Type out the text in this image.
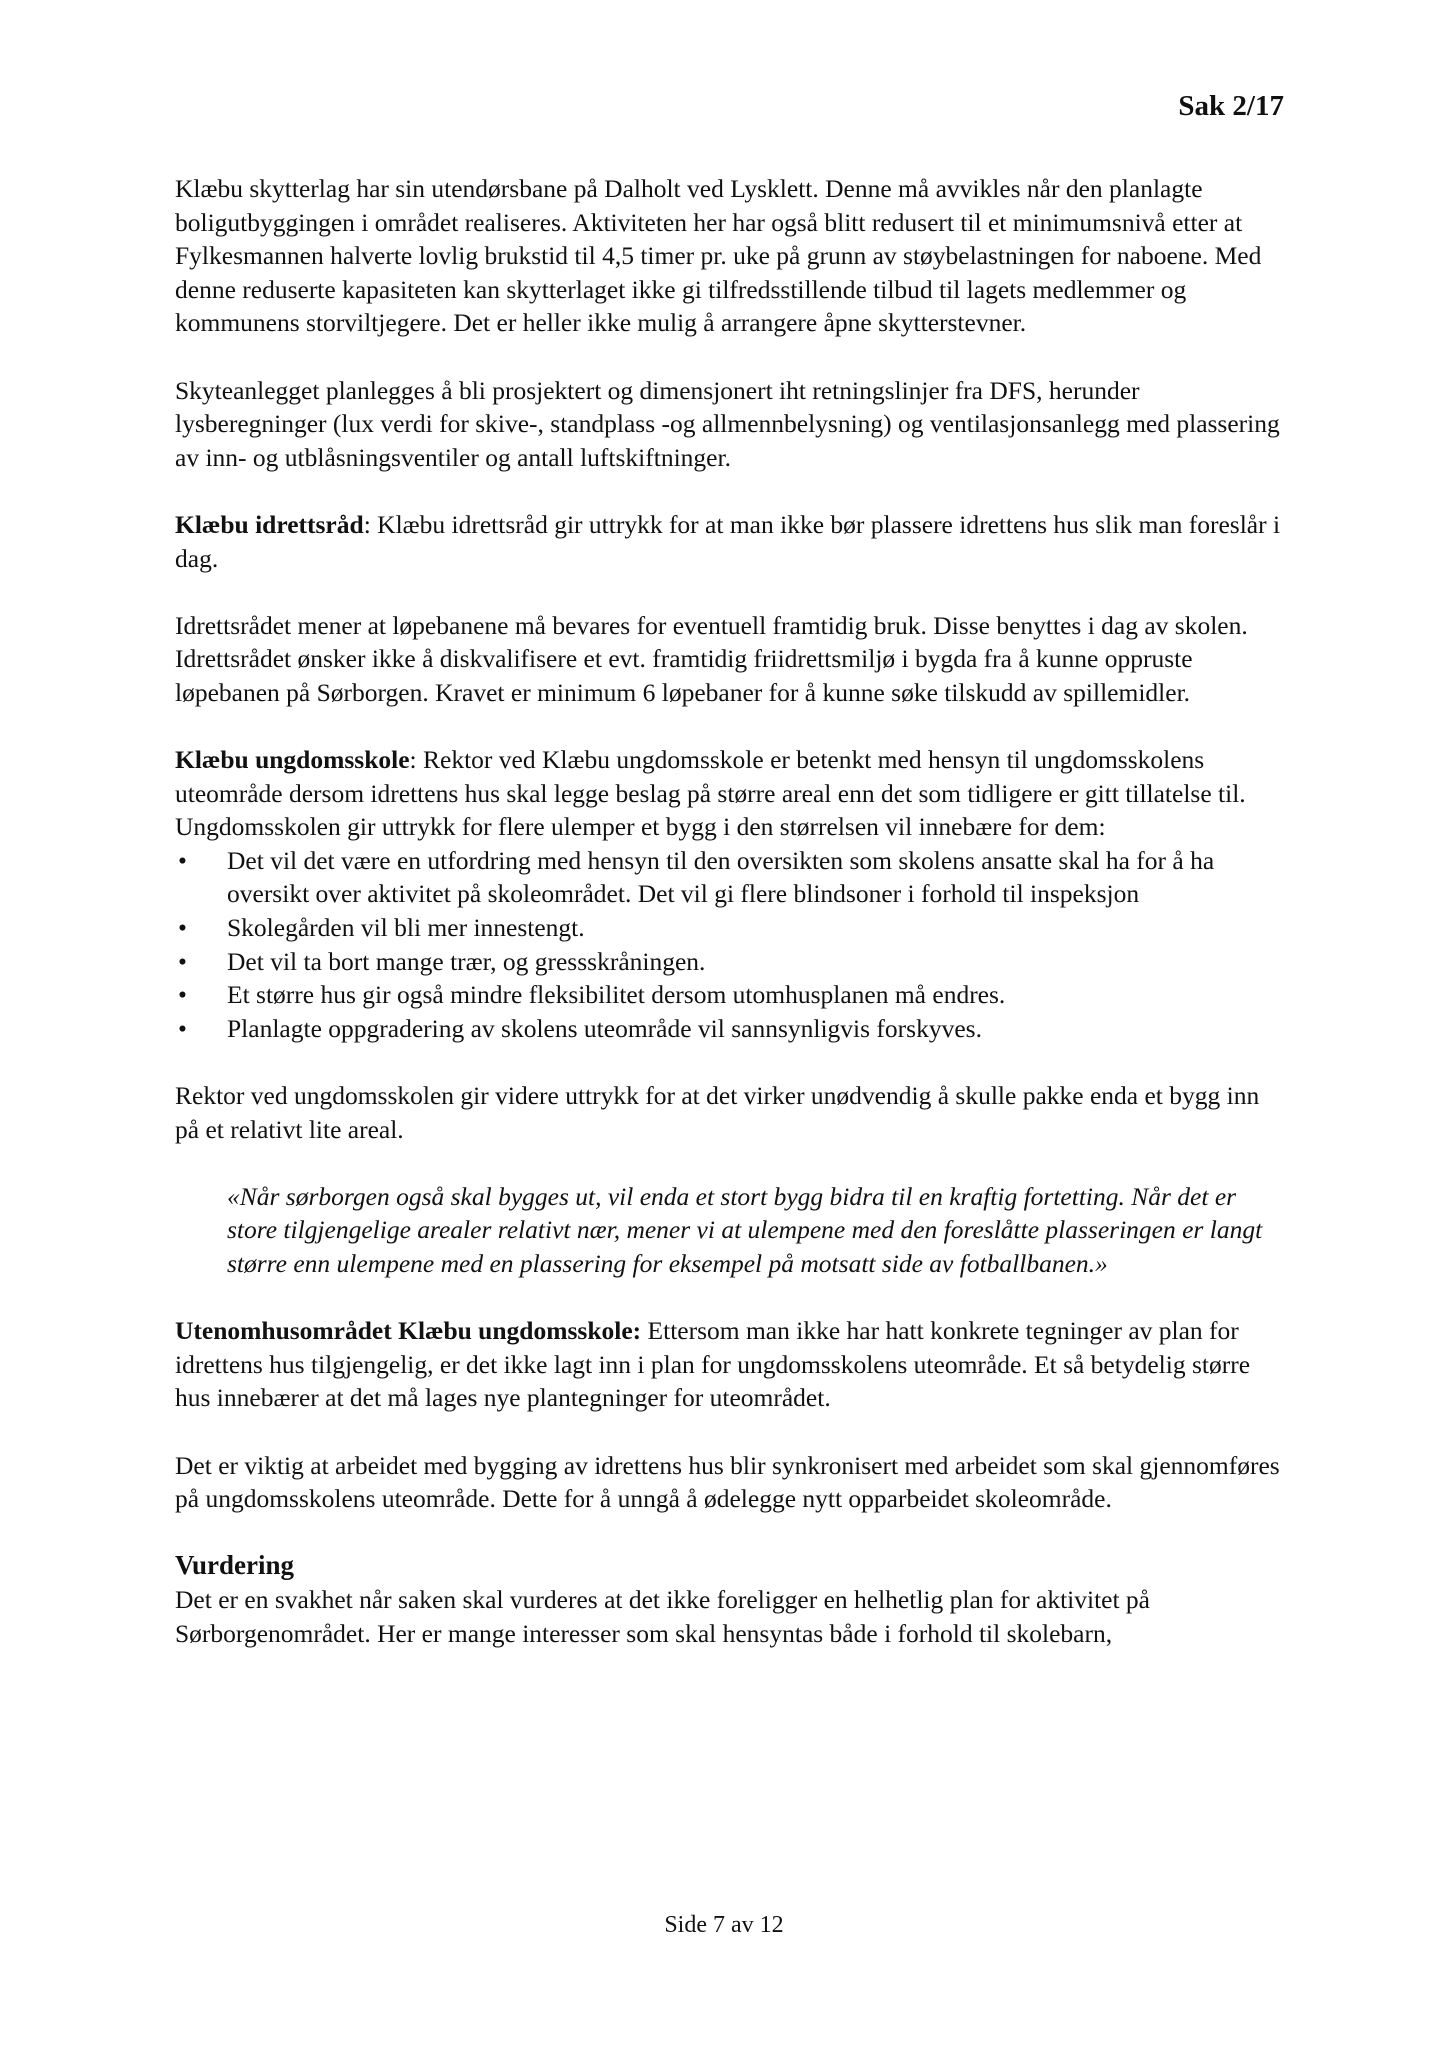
Sak 2/17

Klæbu skytterlag har sin utendørsbane på Dalholt ved Lysklett. Denne må avvikles når den planlagte boligutbyggingen i området realiseres. Aktiviteten her har også blitt redusert til et minimumsnivå etter at Fylkesmannen halverte lovlig brukstid til 4,5 timer pr. uke på grunn av støybelastningen for naboene. Med denne reduserte kapasiteten kan skytterlaget ikke gi tilfredsstillende tilbud til lagets medlemmer og kommunens storviltjegere. Det er heller ikke mulig å arrangere åpne skytterstevner.

Skyteanlegget planlegges å bli prosjektert og dimensjonert iht retningslinjer fra DFS, herunder lysberegninger (lux verdi for skive-, standplass -og allmennbelysning) og ventilasjonsanlegg med plassering av inn- og utblåsningsventiler og antall luftskiftninger.

Klæbu idrettsråd: Klæbu idrettsråd gir uttrykk for at man ikke bør plassere idrettens hus slik man foreslår i dag.

Idrettsrådet mener at løpebanene må bevares for eventuell framtidig bruk. Disse benyttes i dag av skolen. Idrettsrådet ønsker ikke å diskvalifisere et evt. framtidig friidrettsmiljø i bygda fra å kunne oppruste løpebanen på Sørborgen. Kravet er minimum 6 løpebaner for å kunne søke tilskudd av spillemidler.

Klæbu ungdomsskole: Rektor ved Klæbu ungdomsskole er betenkt med hensyn til ungdomsskolens uteområde dersom idrettens hus skal legge beslag på større areal enn det som tidligere er gitt tillatelse til. Ungdomsskolen gir uttrykk for flere ulemper et bygg i den størrelsen vil innebære for dem:

• Det vil det være en utfordring med hensyn til den oversikten som skolens ansatte skal ha for å ha oversikt over aktivitet på skoleområdet. Det vil gi flere blindsoner i forhold til inspeksjon
• Skolegården vil bli mer innestengt.
• Det vil ta bort mange trær, og gressskråningen.
• Et større hus gir også mindre fleksibilitet dersom utomhusplanen må endres.
• Planlagte oppgradering av skolens uteområde vil sannsynligvis forskyves.

Rektor ved ungdomsskolen gir videre uttrykk for at det virker unødvendig å skulle pakke enda et bygg inn på et relativt lite areal.

«Når sørborgen også skal bygges ut, vil enda et stort bygg bidra til en kraftig fortetting. Når det er store tilgjengelige arealer relativt nær, mener vi at ulempene med den foreslåtte plasseringen er langt større enn ulempene med en plassering for eksempel på motsatt side av fotballbanen.»

Utenomhusområdet Klæbu ungdomsskole: Ettersom man ikke har hatt konkrete tegninger av plan for idrettens hus tilgjengelig, er det ikke lagt inn i plan for ungdomsskolens uteområde. Et så betydelig større hus innebærer at det må lages nye plantegninger for uteområdet.

Det er viktig at arbeidet med bygging av idrettens hus blir synkronisert med arbeidet som skal gjennomføres på ungdomsskolens uteområde. Dette for å unngå å ødelegge nytt opparbeidet skoleområde.

Vurdering

Det er en svakhet når saken skal vurderes at det ikke foreligger en helhetlig plan for aktivitet på Sørborgenområdet. Her er mange interesser som skal hensyntas både i forhold til skolebarn,

Side 7 av 12
